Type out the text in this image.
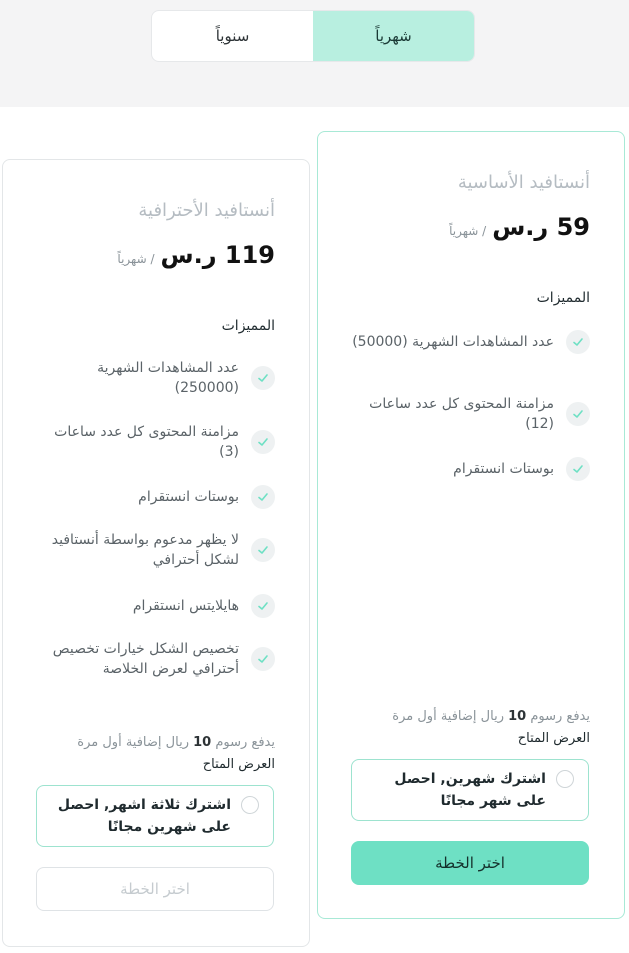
شهرياً
سنوياً
أنستافيد الأساسية
59 ر.س
/ شهرياً
المميزات
عدد المشاهدات الشهرية (50000)
مزامنة المحتوى كل عدد ساعات (12)
بوستات انستقرام
يدفع رسوم 10 ريال إضافية أول مرة
العرض المتاح
اشترك شهرين, احصل على شهر مجانًا
اختر الخطة
أنستافيد الأحترافية
119 ر.س
/ شهرياً
المميزات
عدد المشاهدات الشهرية (250000)
مزامنة المحتوى كل عدد ساعات (3)
بوستات انستقرام
لا يظهر مدعوم بواسطة أنستافيد لشكل أحترافي
هايلايتس انستقرام
تخصيص الشكل خيارات تخصيص أحترافي لعرض الخلاصة
يدفع رسوم 10 ريال إضافية أول مرة
العرض المتاح
اشترك ثلاثة اشهر, احصل على شهرين مجانًا
اختر الخطة
